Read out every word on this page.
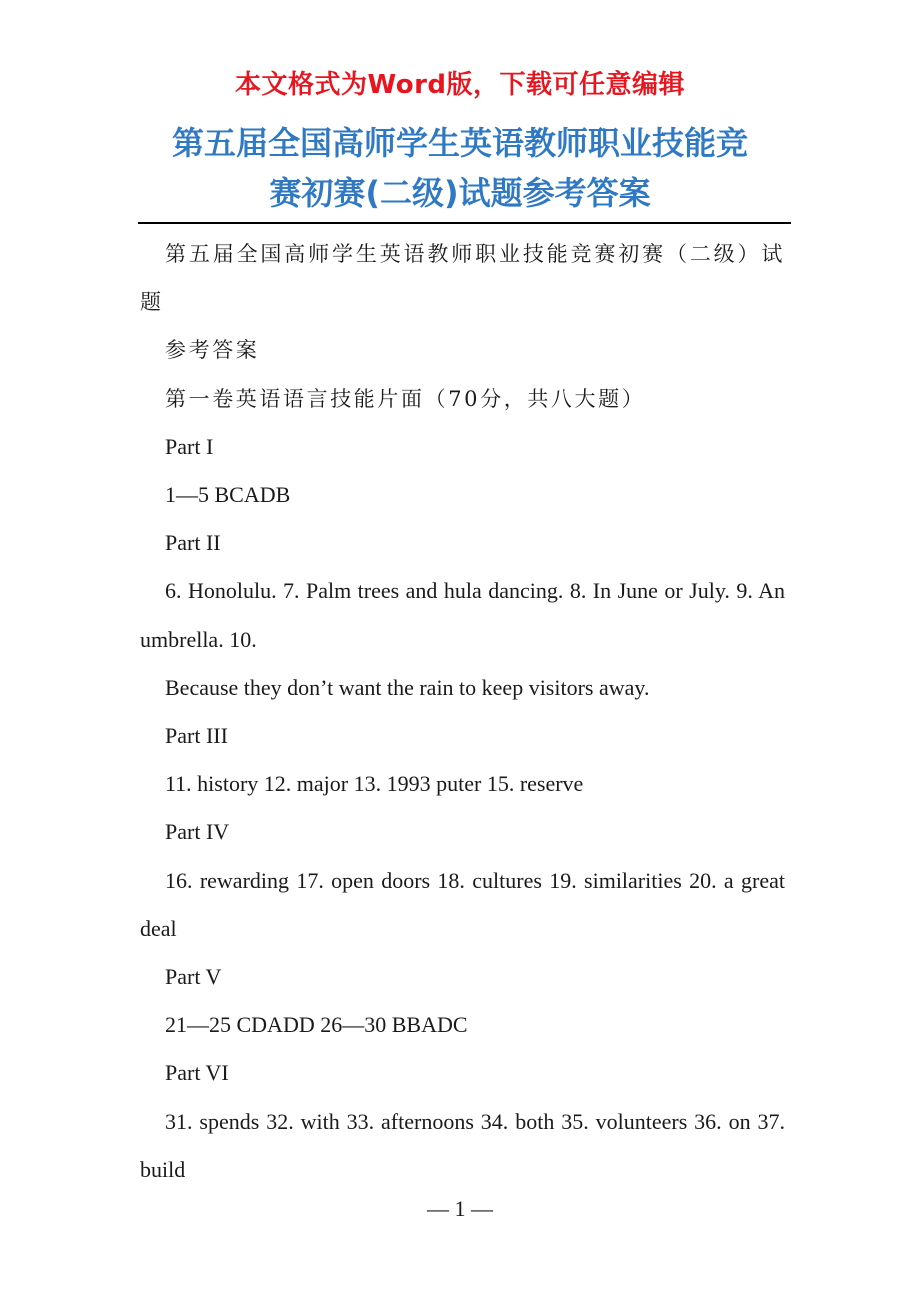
本文格式为Word版，下载可任意编辑
第五届全国高师学生英语教师职业技能竞
赛初赛(二级)试题参考答案

第五届全国高师学生英语教师职业技能竞赛初赛（二级）试题

参考答案

第一卷英语语言技能片面（70分，共八大题）

Part I

1—5 BCADB

Part II

6. Honolulu. 7. Palm trees and hula dancing. 8. In June or July. 9. An umbrella. 10.

Because they don’t want the rain to keep visitors away.

Part III

11. history 12. major 13. 1993 puter 15. reserve

Part IV

16. rewarding 17. open doors 18. cultures 19. similarities 20. a great deal

Part V

21—25 CDADD 26—30 BBADC

Part VI

31. spends 32. with 33. afternoons 34. both 35. volunteers 36. on 37. build

— 1 —
